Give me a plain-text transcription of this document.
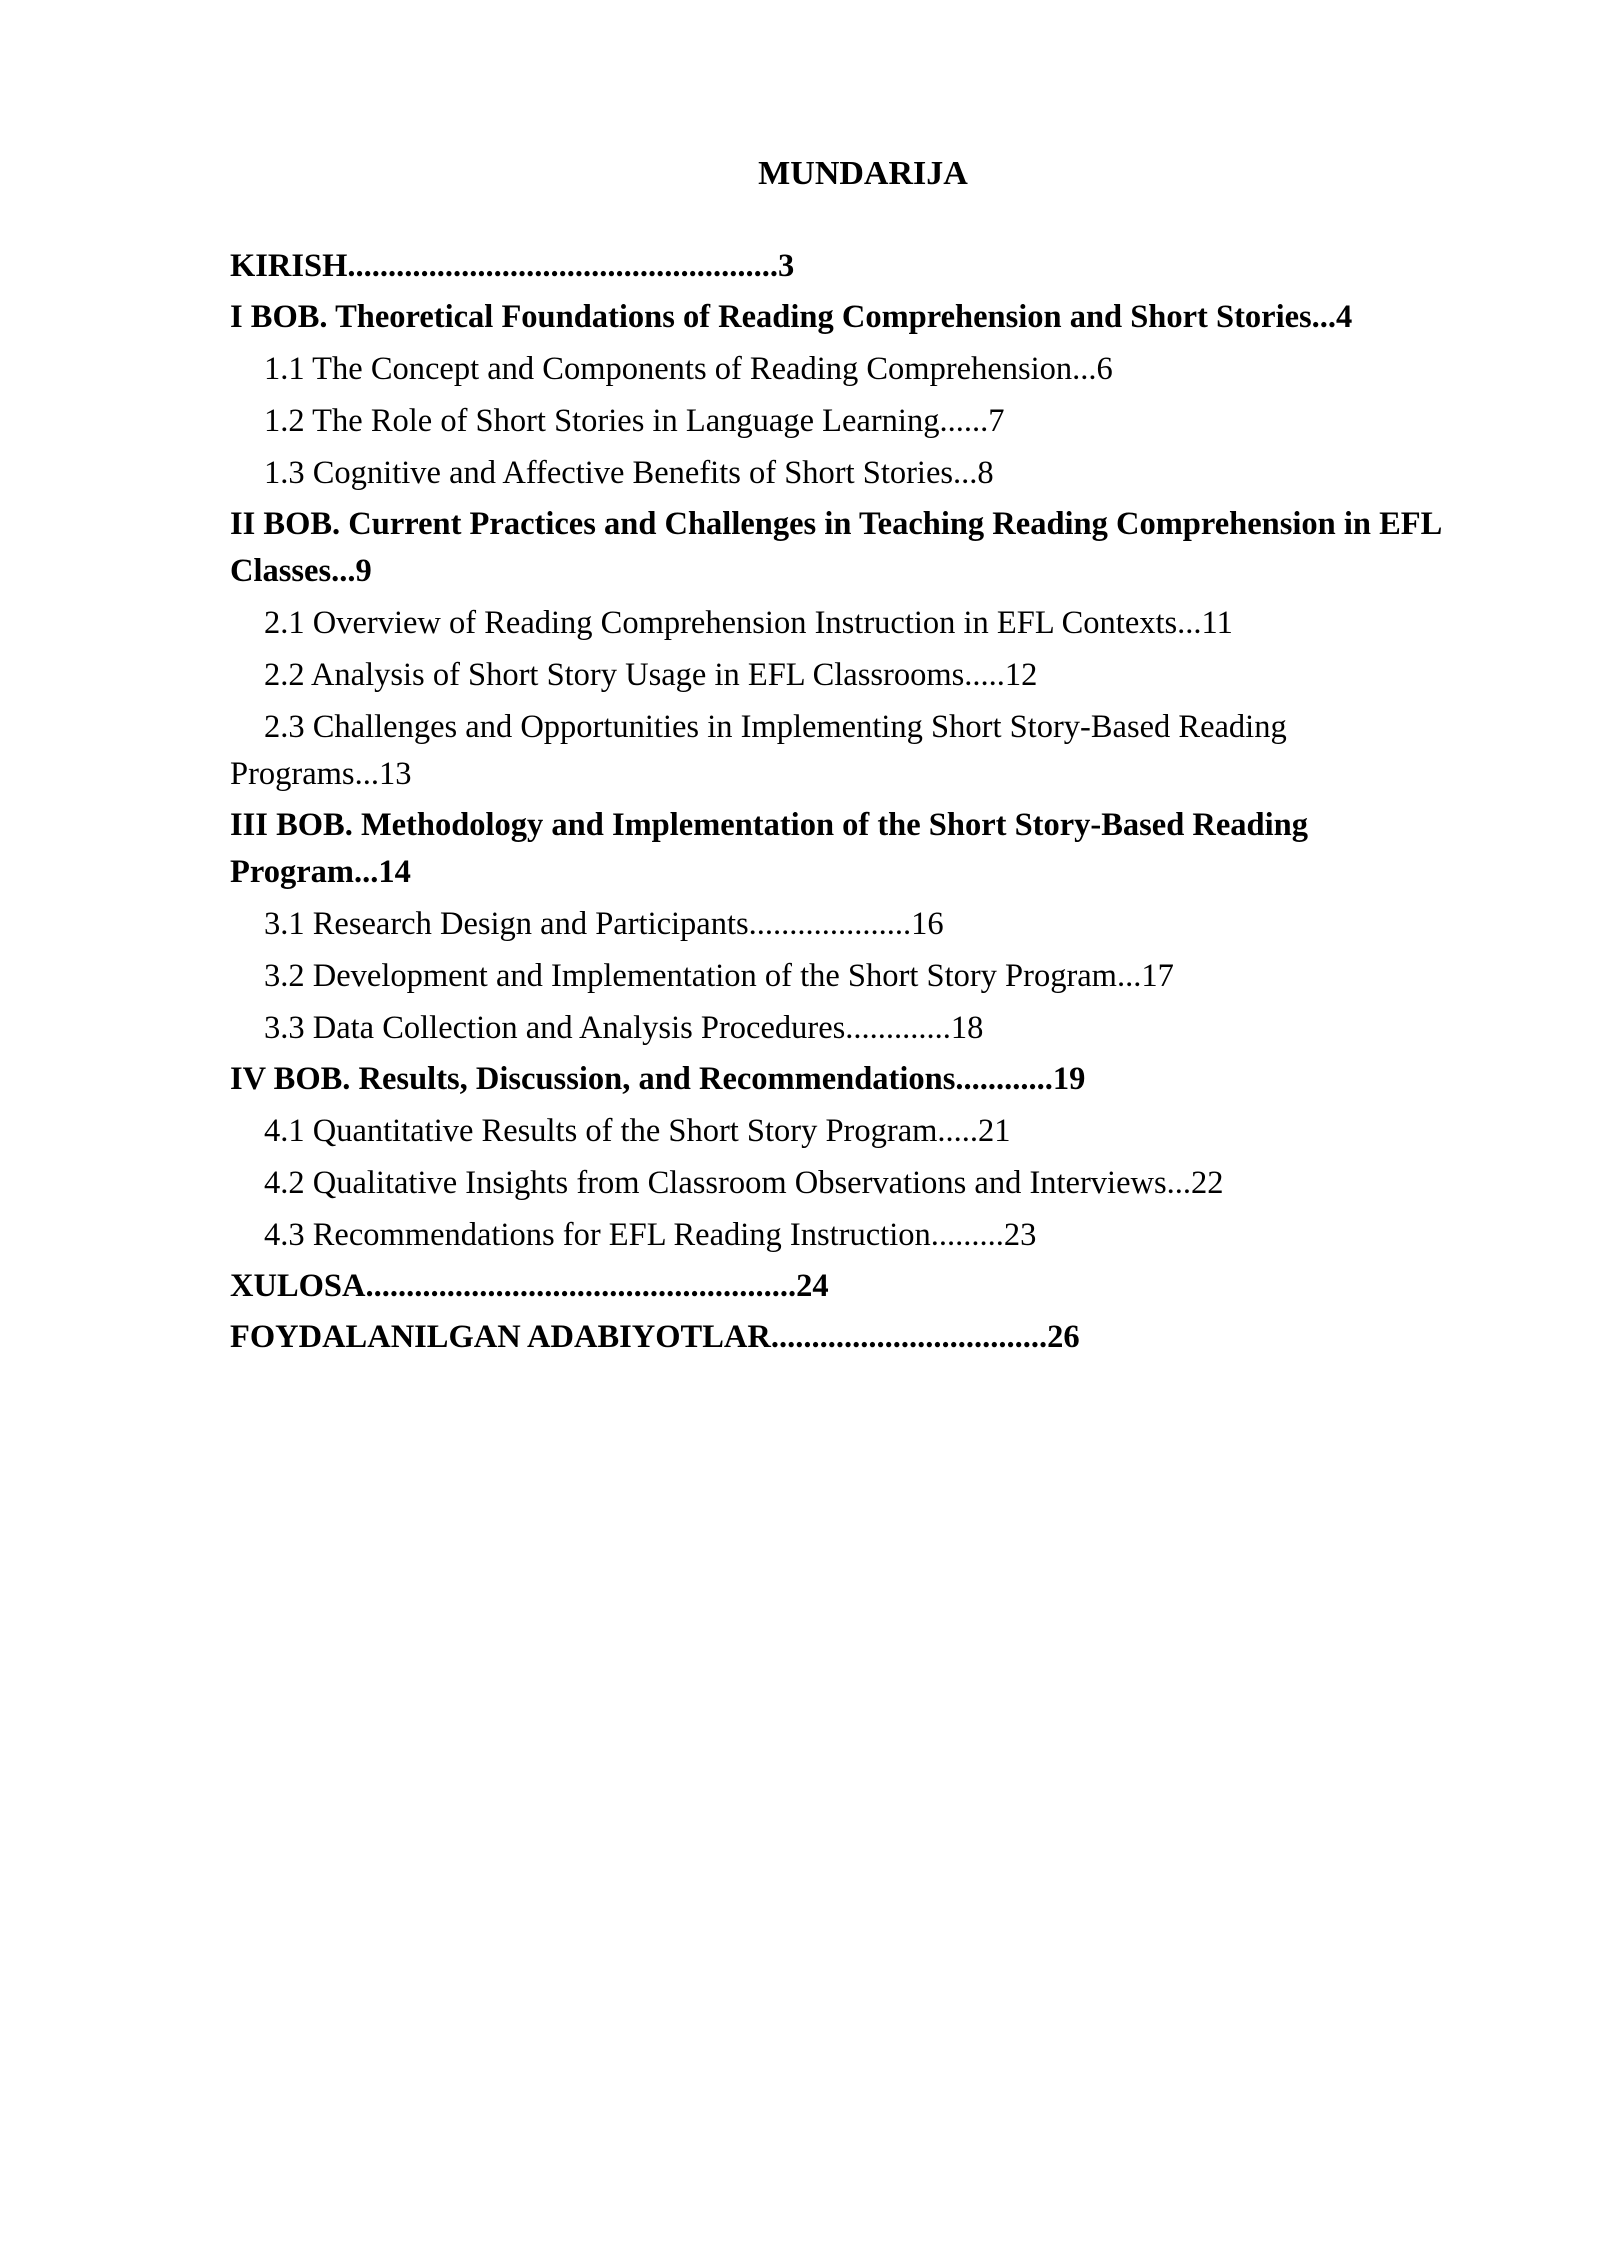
MUNDARIJA

KIRISH.....................................................3

I BOB. Theoretical Foundations of Reading Comprehension and Short Stories...4

1.1 The Concept and Components of Reading Comprehension...6

1.2 The Role of Short Stories in Language Learning......7

1.3 Cognitive and Affective Benefits of Short Stories...8

II BOB. Current Practices and Challenges in Teaching Reading Comprehension in EFL Classes...9

2.1 Overview of Reading Comprehension Instruction in EFL Contexts...11

2.2 Analysis of Short Story Usage in EFL Classrooms.....12

2.3 Challenges and Opportunities in Implementing Short Story-Based Reading Programs...13

III BOB. Methodology and Implementation of the Short Story-Based Reading Program...14

3.1 Research Design and Participants....................16

3.2 Development and Implementation of the Short Story Program...17

3.3 Data Collection and Analysis Procedures.............18

IV BOB. Results, Discussion, and Recommendations............19

4.1 Quantitative Results of the Short Story Program.....21

4.2 Qualitative Insights from Classroom Observations and Interviews...22

4.3 Recommendations for EFL Reading Instruction.........23

XULOSA.....................................................24

FOYDALANILGAN ADABIYOTLAR..................................26
